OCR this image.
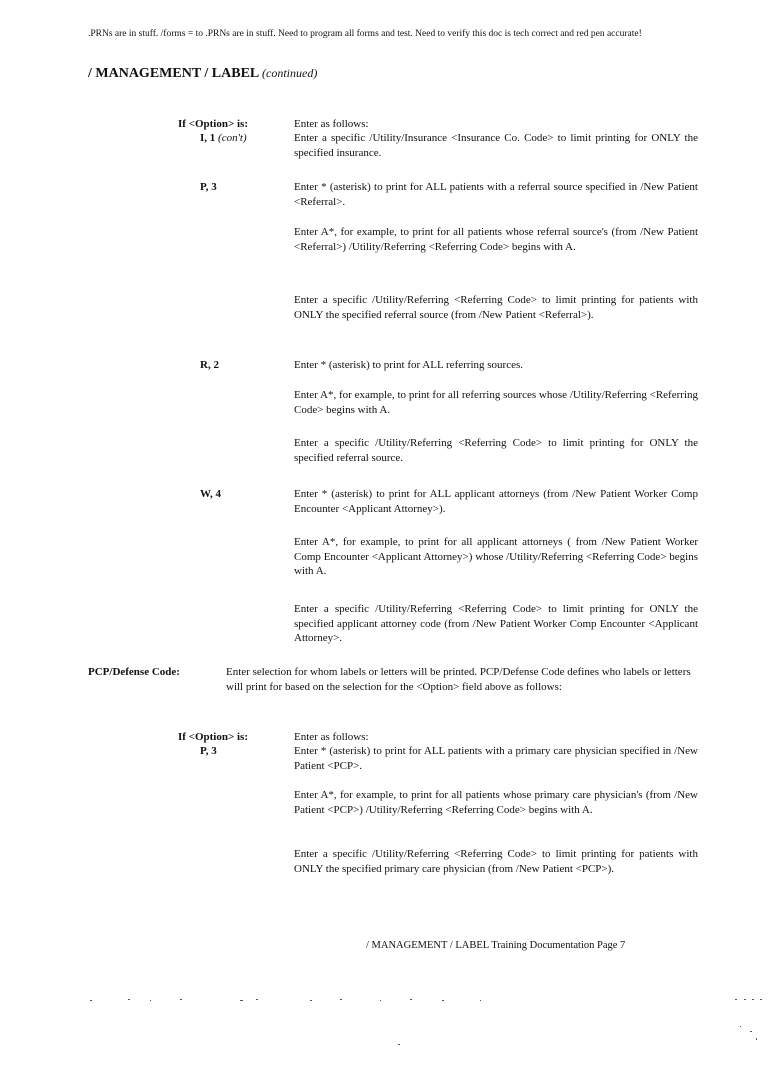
.PRNs are in stuff. /forms = to .PRNs are in stuff. Need to program all forms and test. Need to verify this doc is tech correct and red pen accurate!
/ MANAGEMENT / LABEL (continued)
If <Option> is:	Enter as follows:
I, 1 (con't)	Enter a specific /Utility/Insurance <Insurance Co. Code> to limit printing for ONLY the specified insurance.
P, 3	Enter * (asterisk) to print for ALL patients with a referral source specified in /New Patient <Referral>.
Enter A*, for example, to print for all patients whose referral source's (from /New Patient <Referral>) /Utility/Referring <Referring Code> begins with A.
Enter a specific /Utility/Referring <Referring Code> to limit printing for patients with ONLY the specified referral source (from /New Patient <Referral>).
R, 2	Enter * (asterisk) to print for ALL referring sources.
Enter A*, for example, to print for all referring sources whose /Utility/Referring <Referring Code> begins with A.
Enter a specific /Utility/Referring <Referring Code> to limit printing for ONLY the specified referral source.
W, 4	Enter * (asterisk) to print for ALL applicant attorneys (from /New Patient Worker Comp Encounter <Applicant Attorney>).
Enter A*, for example, to print for all applicant attorneys ( from /New Patient Worker Comp Encounter <Applicant Attorney>) whose /Utility/Referring <Referring Code> begins with A.
Enter a specific /Utility/Referring <Referring Code> to limit printing for ONLY the specified applicant attorney code (from /New Patient Worker Comp Encounter <Applicant Attorney>.
PCP/Defense Code:	Enter selection for whom labels or letters will be printed. PCP/Defense Code defines who labels or letters will print for based on the selection for the <Option> field above as follows:
If <Option> is:	Enter as follows:
P, 3	Enter * (asterisk) to print for ALL patients with a primary care physician specified in /New Patient <PCP>.
Enter A*, for example, to print for all patients whose primary care physician's (from /New Patient <PCP>) /Utility/Referring <Referring Code> begins with A.
Enter a specific /Utility/Referring <Referring Code> to limit printing for patients with ONLY the specified primary care physician (from /New Patient <PCP>).
/ MANAGEMENT / LABEL Training Documentation Page 7
